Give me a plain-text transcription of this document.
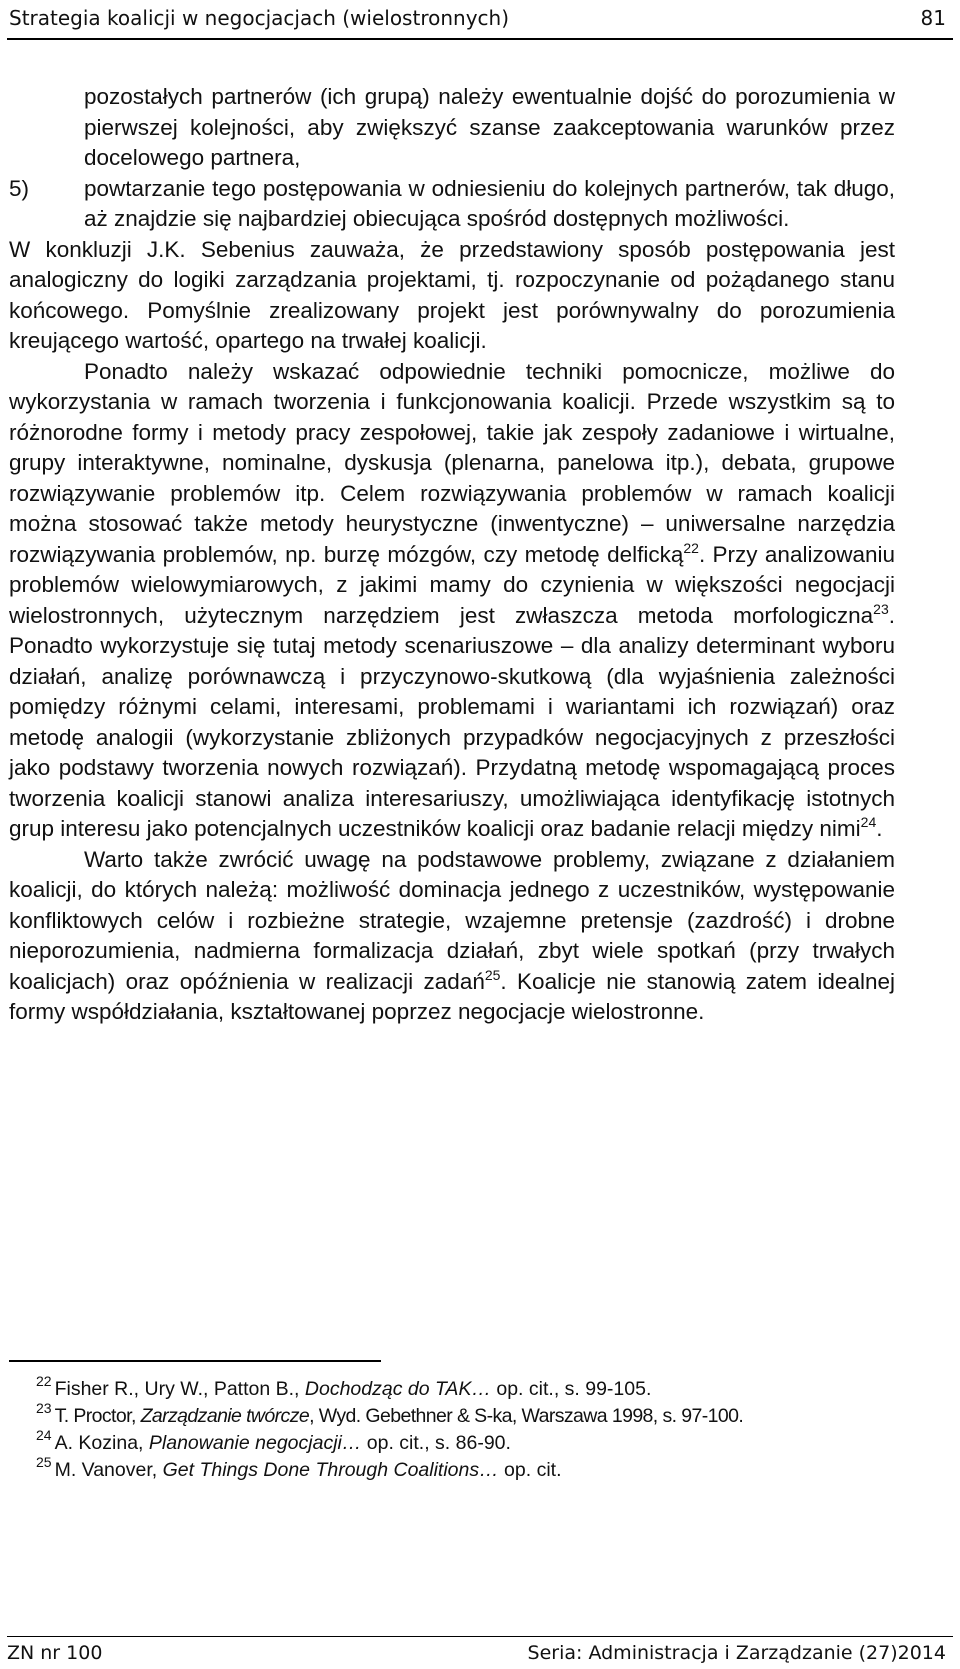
Strategia koalicji w negocjacjach (wielostronnych)	81

pozostałych partnerów (ich grupą) należy ewentualnie dojść do porozumienia w pierwszej kolejności, aby zwiększyć szanse zaakceptowania warunków przez docelowego partnera,

5) powtarzanie tego postępowania w odniesieniu do kolejnych partnerów, tak długo, aż znajdzie się najbardziej obiecująca spośród dostępnych możliwości.

W konkluzji J.K. Sebenius zauważa, że przedstawiony sposób postępowania jest analogiczny do logiki zarządzania projektami, tj. rozpoczynanie od pożądanego stanu końcowego. Pomyślnie zrealizowany projekt jest porównywalny do porozumienia kreującego wartość, opartego na trwałej koalicji.

Ponadto należy wskazać odpowiednie techniki pomocnicze, możliwe do wykorzystania w ramach tworzenia i funkcjonowania koalicji. Przede wszystkim są to różnorodne formy i metody pracy zespołowej, takie jak zespoły zadaniowe i wirtualne, grupy interaktywne, nominalne, dyskusja (plenarna, panelowa itp.), debata, grupowe rozwiązywanie problemów itp. Celem rozwiązywania problemów w ramach koalicji można stosować także metody heurystyczne (inwentyczne) – uniwersalne narzędzia rozwiązywania problemów, np. burzę mózgów, czy metodę delficką$^{22}$. Przy analizowaniu problemów wielowymiarowych, z jakimi mamy do czynienia w większości negocjacji wielostronnych, użytecznym narzędziem jest zwłaszcza metoda morfologiczna$^{23}$. Ponadto wykorzystuje się tutaj metody scenariuszowe – dla analizy determinant wyboru działań, analizę porównawczą i przyczynowo-skutkową (dla wyjaśnienia zależności pomiędzy różnymi celami, interesami, problemami i wariantami ich rozwiązań) oraz metodę analogii (wykorzystanie zbliżonych przypadków negocjacyjnych z przeszłości jako podstawy tworzenia nowych rozwiązań). Przydatną metodę wspomagającą proces tworzenia koalicji stanowi analiza interesariuszy, umożliwiająca identyfikację istotnych grup interesu jako potencjalnych uczestników koalicji oraz badanie relacji między nimi$^{24}$.

Warto także zwrócić uwagę na podstawowe problemy, związane z działaniem koalicji, do których należą: możliwość dominacja jednego z uczestników, występowanie konfliktowych celów i rozbieżne strategie, wzajemne pretensje (zazdrość) i drobne nieporozumienia, nadmierna formalizacja działań, zbyt wiele spotkań (przy trwałych koalicjach) oraz opóźnienia w realizacji zadań$^{25}$. Koalicje nie stanowią zatem idealnej formy współdziałania, kształtowanej poprzez negocjacje wielostronne.

$^{22}$ Fisher R., Ury W., Patton B., Dochodząc do TAK… op. cit., s. 99-105.
$^{23}$ T. Proctor, Zarządzanie twórcze, Wyd. Gebethner & S-ka, Warszawa 1998, s. 97-100.
$^{24}$ A. Kozina, Planowanie negocjacji… op. cit., s. 86-90.
$^{25}$ M. Vanover, Get Things Done Through Coalitions… op. cit.
ZN nr 100	Seria: Administracja i Zarządzanie (27)2014
